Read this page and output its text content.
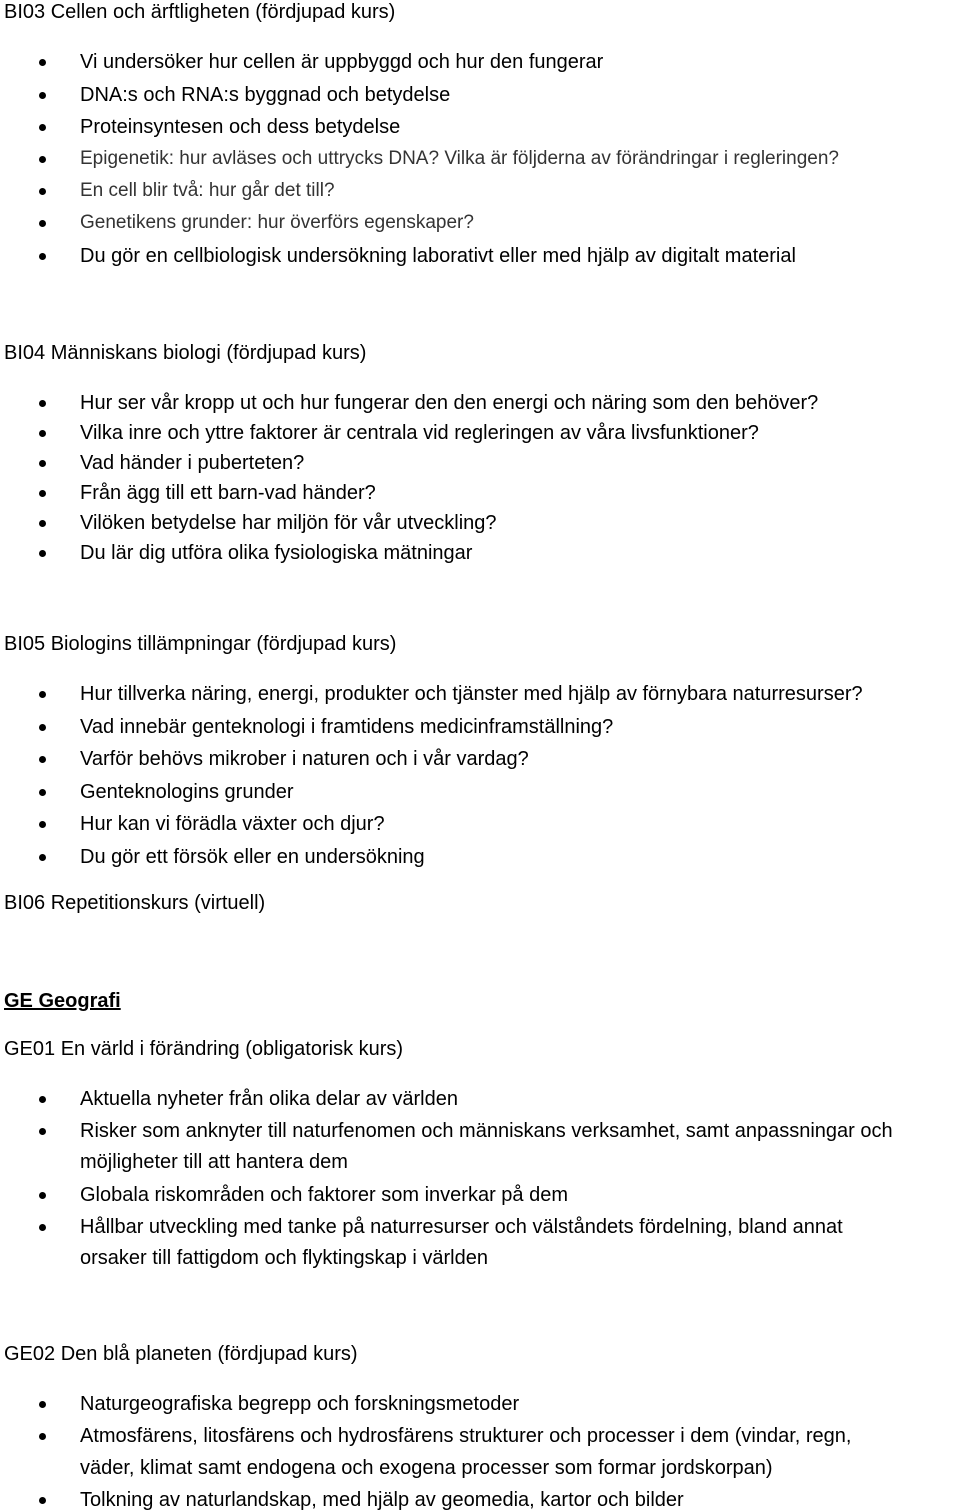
BI03 Cellen och ärftligheten (fördjupad kurs)
Vi undersöker hur cellen är uppbyggd och hur den fungerar
DNA:s och RNA:s byggnad och betydelse
Proteinsyntesen och dess betydelse
Epigenetik: hur avläses och uttrycks DNA? Vilka är följderna av förändringar i regleringen?
En cell blir två: hur går det till?
Genetikens grunder: hur överförs egenskaper?
Du gör en cellbiologisk undersökning laborativt eller med hjälp av digitalt material
BI04 Människans biologi (fördjupad kurs)
Hur ser vår kropp ut och hur fungerar den den energi och näring som den behöver?
Vilka inre och yttre faktorer är centrala vid regleringen av våra livsfunktioner?
Vad händer i puberteten?
Från ägg till ett barn-vad händer?
Vilöken betydelse har miljön för vår utveckling?
Du lär dig utföra olika fysiologiska mätningar
BI05 Biologins tillämpningar (fördjupad kurs)
Hur tillverka näring, energi, produkter och tjänster med hjälp av förnybara naturresurser?
Vad innebär genteknologi i framtidens medicinframställning?
Varför behövs mikrober i naturen och i vår vardag?
Genteknologins grunder
Hur kan vi förädla växter och djur?
Du gör ett försök eller en undersökning
BI06 Repetitionskurs (virtuell)
GE Geografi
GE01 En värld i förändring (obligatorisk kurs)
Aktuella nyheter från olika delar av världen
Risker som anknyter till naturfenomen och människans verksamhet, samt anpassningar och
möjligheter till att hantera dem
Globala riskområden och faktorer som inverkar på dem
Hållbar utveckling med tanke på naturresurser och välståndets fördelning, bland annat
orsaker till fattigdom och flyktingskap i världen
GE02 Den blå planeten (fördjupad kurs)
Naturgeografiska begrepp och forskningsmetoder
Atmosfärens, litosfärens och hydrosfärens strukturer och processer i dem (vindar, regn,
väder, klimat samt endogena och exogena processer som formar jordskorpan)
Tolkning av naturlandskap, med hjälp av geomedia, kartor och bilder
